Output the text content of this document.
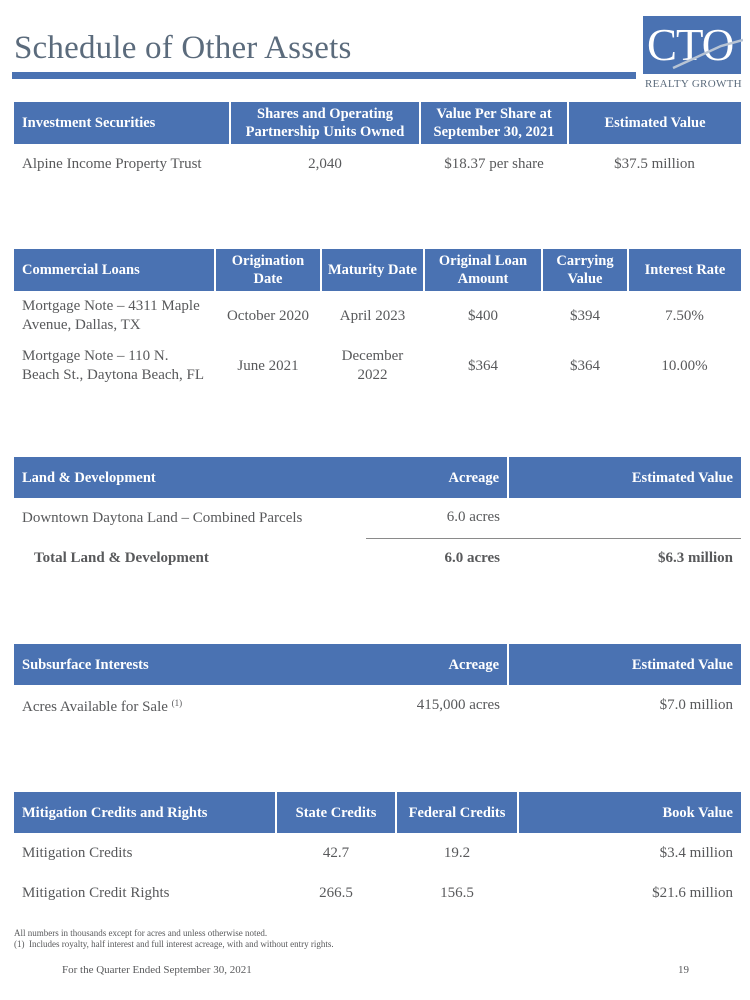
Schedule of Other Assets	CTO
REALTY GROWTH
Investment Securities	Shares and Operating Partnership Units Owned	Value Per Share at September 30, 2021	Estimated Value
Alpine Income Property Trust	2,040	$18.37 per share	$37.5 million
Commercial Loans	Origination Date	Maturity Date	Original Loan Amount	Carrying Value	Interest Rate
Mortgage Note – 4311 Maple Avenue, Dallas, TX	October 2020	April 2023	$400	$394	7.50%
Mortgage Note – 110 N. Beach St., Daytona Beach, FL	June 2021	December 2022	$364	$364	10.00%
Land & Development	Acreage	Estimated Value
Downtown Daytona Land – Combined Parcels	6.0 acres	
Total Land & Development	6.0 acres	$6.3 million
Subsurface Interests	Acreage	Estimated Value
Acres Available for Sale $^{(1)}$	415,000 acres	$7.0 million
Mitigation Credits and Rights	State Credits	Federal Credits	Book Value
Mitigation Credits	42.7	19.2	$3.4 million
Mitigation Credit Rights	266.5	156.5	$21.6 million
All numbers in thousands except for acres and unless otherwise noted.
(1) Includes royalty, half interest and full interest acreage, with and without entry rights.
For the Quarter Ended September 30, 2021	19
